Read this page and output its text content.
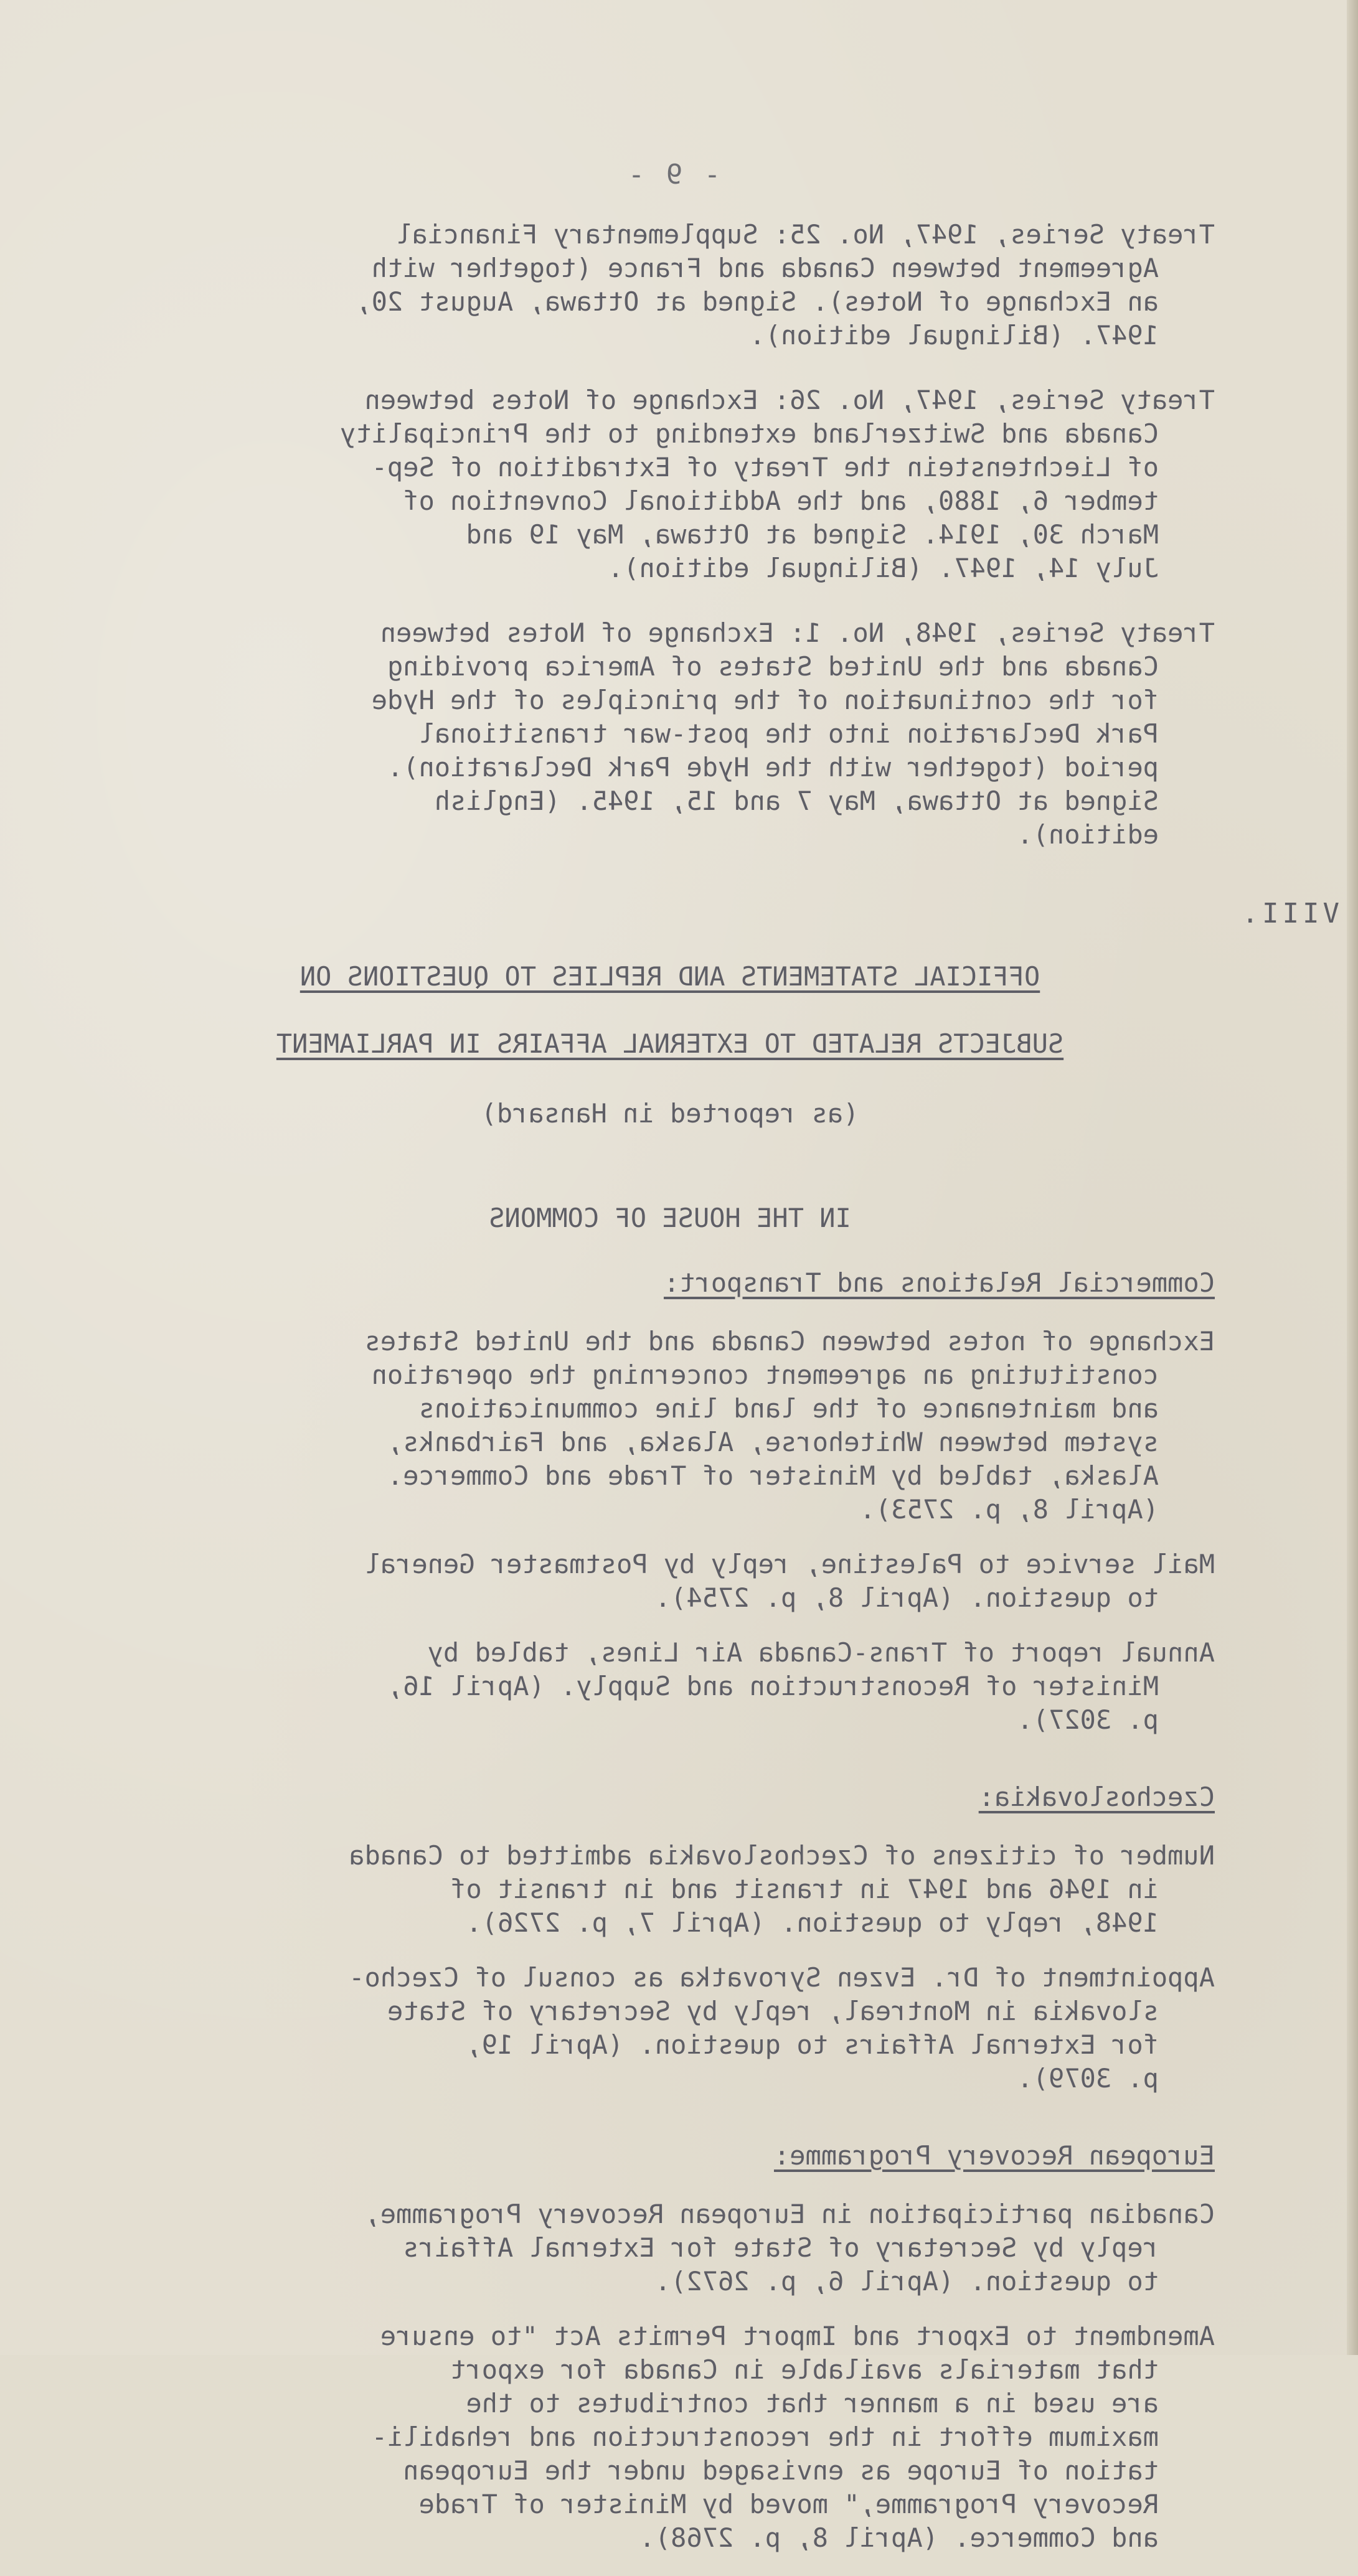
- 9 -
VIII.
Treaty Series, 1947, No. 25: Supplementary Financial
Agreement between Canada and France (together with
an Exchange of Notes). Signed at Ottawa, August 20,
1947. (Bilingual edition).
Treaty Series, 1947, No. 26: Exchange of Notes between
Canada and Switzerland extending to the Principality
of Liechtenstein the Treaty of Extradition of Sep-
tember 6, 1880, and the Additional Convention of
March 30, 1914. Signed at Ottawa, May 19 and
July 14, 1947. (Bilingual edition).
Treaty Series, 1948, No. 1: Exchange of Notes between
Canada and the United States of America providing
for the continuation of the principles of the Hyde
Park Declaration into the post-war transitional
period (together with the Hyde Park Declaration).
Signed at Ottawa, May 7 and 15, 1945. (English
edition).

OFFICIAL STATEMENTS AND REPLIES TO QUESTIONS ON

SUBJECTS RELATED TO EXTERNAL AFFAIRS IN PARLIAMENT

(as reported in Hansard)

IN THE HOUSE OF COMMONS
Commercial Relations and Transport:
Exchange of notes between Canada and the United States
constituting an agreement concerning the operation
and maintenance of the land line communications
system between Whitehorse, Alaska, and Fairbanks,
Alaska, tabled by Minister of Trade and Commerce.
(April 8, p. 2753).
Mail service to Palestine, reply by Postmaster General
to question. (April 8, p. 2754).
Annual report of Trans-Canada Air Lines, tabled by
Minister of Reconstruction and Supply. (April 16,
p. 3027).
Czechoslovakia:
Number of citizens of Czechoslovakia admitted to Canada
in 1946 and 1947 in transit and in transit of
1948, reply to question. (April 7, p. 2726).
Appointment of Dr. Evzen Syrovatka as consul of Czecho-
slovakia in Montreal, reply by Secretary of State
for External Affairs to question. (April 19,
p. 3079).
European Recovery Programme:
Canadian participation in European Recovery Programme,
reply by Secretary of State for External Affairs
to question. (April 6, p. 2672).
Amendment to Export and Import Permits Act "to ensure
that materials available in Canada for export
are used in a manner that contributes to the
maximum effort in the reconstruction and rehabili-
tation of Europe as envisaged under the European
Recovery Programme," moved by Minister of Trade
and Commerce. (April 8, p. 2768).
